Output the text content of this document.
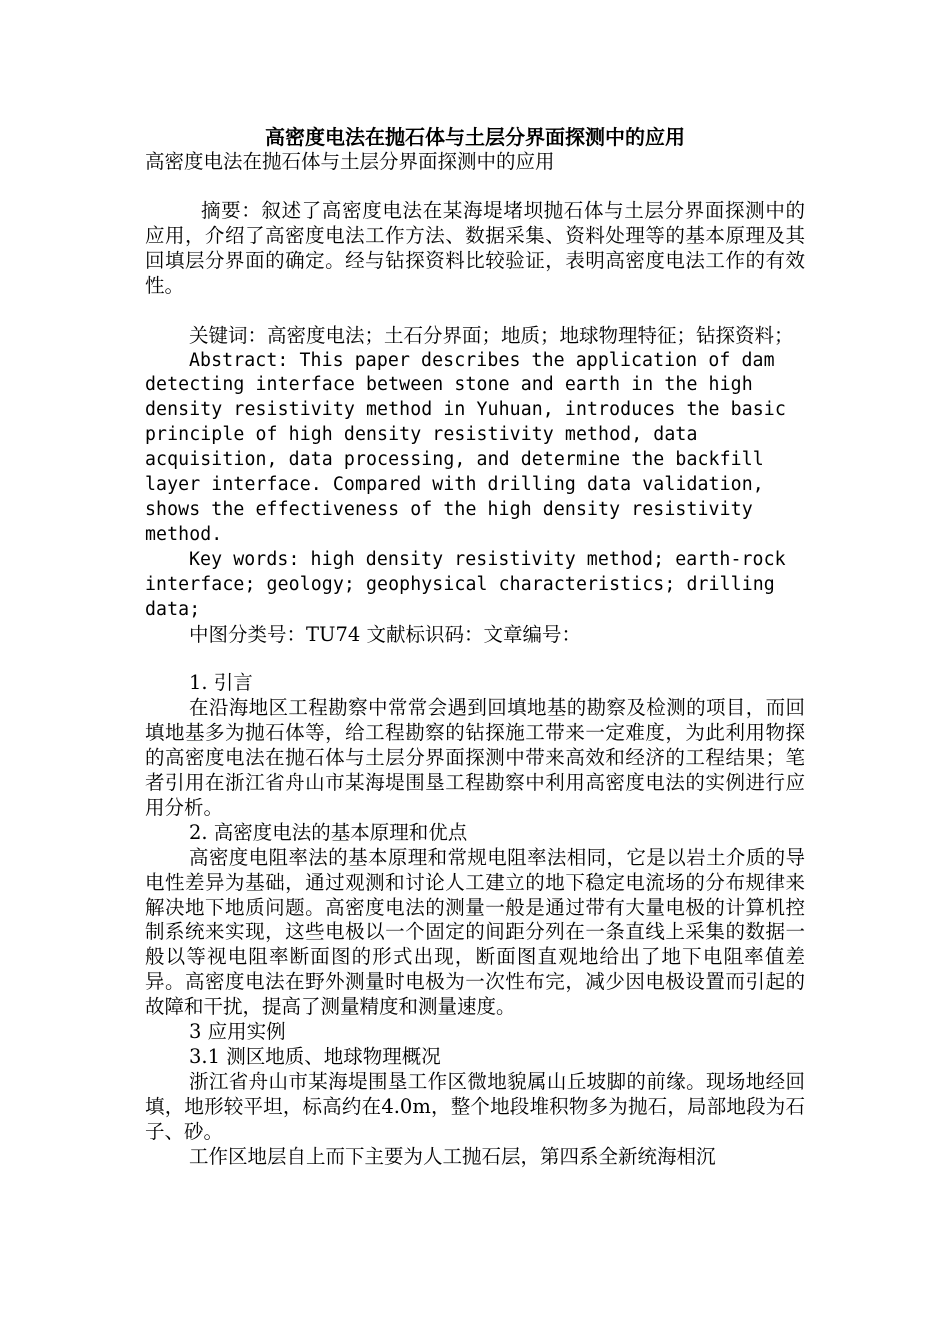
高密度电法在抛石体与土层分界面探测中的应用
高密度电法在抛石体与土层分界面探测中的应用

摘要：叙述了高密度电法在某海堤堵坝抛石体与土层分界面探测中的应用，介绍了高密度电法工作方法、数据采集、资料处理等的基本原理及其回填层分界面的确定。经与钻探资料比较验证，表明高密度电法工作的有效性。

关键词：高密度电法；土石分界面；地质；地球物理特征；钻探资料；

Abstract: This paper describes the application of dam detecting interface between stone and earth in the high density resistivity method in Yuhuan, introduces the basic principle of high density resistivity method, data acquisition, data processing, and determine the backfill layer interface. Compared with drilling data validation, shows the effectiveness of the high density resistivity method.

Key words: high density resistivity method; earth-rock interface; geology; geophysical characteristics; drilling data;

中图分类号：TU74 文献标识码：文章编号：

1. 引言

在沿海地区工程勘察中常常会遇到回填地基的勘察及检测的项目，而回填地基多为抛石体等，给工程勘察的钻探施工带来一定难度，为此利用物探的高密度电法在抛石体与土层分界面探测中带来高效和经济的工程结果；笔者引用在浙江省舟山市某海堤围垦工程勘察中利用高密度电法的实例进行应用分析。

2. 高密度电法的基本原理和优点

高密度电阻率法的基本原理和常规电阻率法相同，它是以岩土介质的导电性差异为基础，通过观测和讨论人工建立的地下稳定电流场的分布规律来解决地下地质问题。高密度电法的测量一般是通过带有大量电极的计算机控制系统来实现，这些电极以一个固定的间距分列在一条直线上采集的数据一般以等视电阻率断面图的形式出现，断面图直观地给出了地下电阻率值差异。高密度电法在野外测量时电极为一次性布完，减少因电极设置而引起的故障和干扰，提高了测量精度和测量速度。

3 应用实例

3.1 测区地质、地球物理概况

浙江省舟山市某海堤围垦工作区微地貌属山丘坡脚的前缘。现场地经回填，地形较平坦，标高约在4.0m，整个地段堆积物多为抛石，局部地段为石子、砂。

工作区地层自上而下主要为人工抛石层，第四系全新统海相沉
